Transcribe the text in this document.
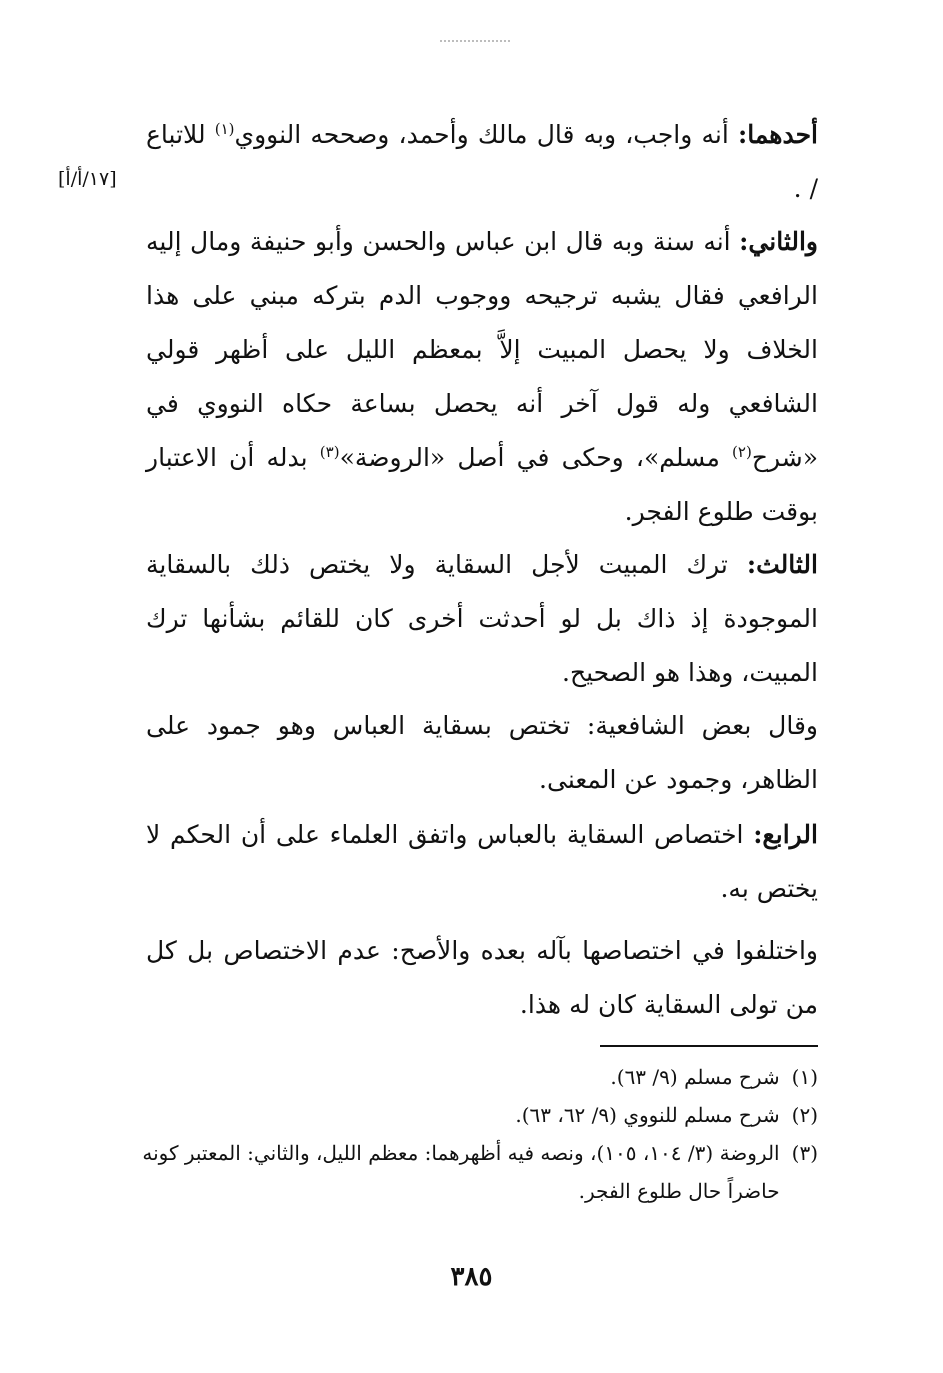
[١٧/أ/أ]

أحدهما: أنه واجب، وبه قال مالك وأحمد، وصححه النووي$^{(١)}$ للاتباع / .

والثاني: أنه سنة وبه قال ابن عباس والحسن وأبو حنيفة ومال إليه الرافعي فقال يشبه ترجيحه ووجوب الدم بتركه مبني على هذا الخلاف ولا يحصل المبيت إلاَّ بمعظم الليل على أظهر قولي الشافعي وله قول آخر أنه يحصل بساعة حكاه النووي في «شرح$^{(٢)}$ مسلم»، وحكى في أصل «الروضة»$^{(٣)}$ بدله أن الاعتبار بوقت طلوع الفجر.

الثالث: ترك المبيت لأجل السقاية ولا يختص ذلك بالسقاية الموجودة إذ ذاك بل لو أحدثت أخرى كان للقائم بشأنها ترك المبيت، وهذا هو الصحيح.

وقال بعض الشافعية: تختص بسقاية العباس وهو جمود على الظاهر، وجمود عن المعنى.

الرابع: اختصاص السقاية بالعباس واتفق العلماء على أن الحكم لا يختص به.

واختلفوا في اختصاصها بآله بعده والأصح: عدم الاختصاص بل كل من تولى السقاية كان له هذا.

(١)
شرح مسلم (٩/ ٦٣).
(٢)
شرح مسلم للنووي (٩/ ٦٢، ٦٣).
(٣)
الروضة (٣/ ١٠٤، ١٠٥)، ونصه فيه أظهرهما: معظم الليل، والثاني: المعتبر كونه حاضراً حال طلوع الفجر.
٣٨٥
